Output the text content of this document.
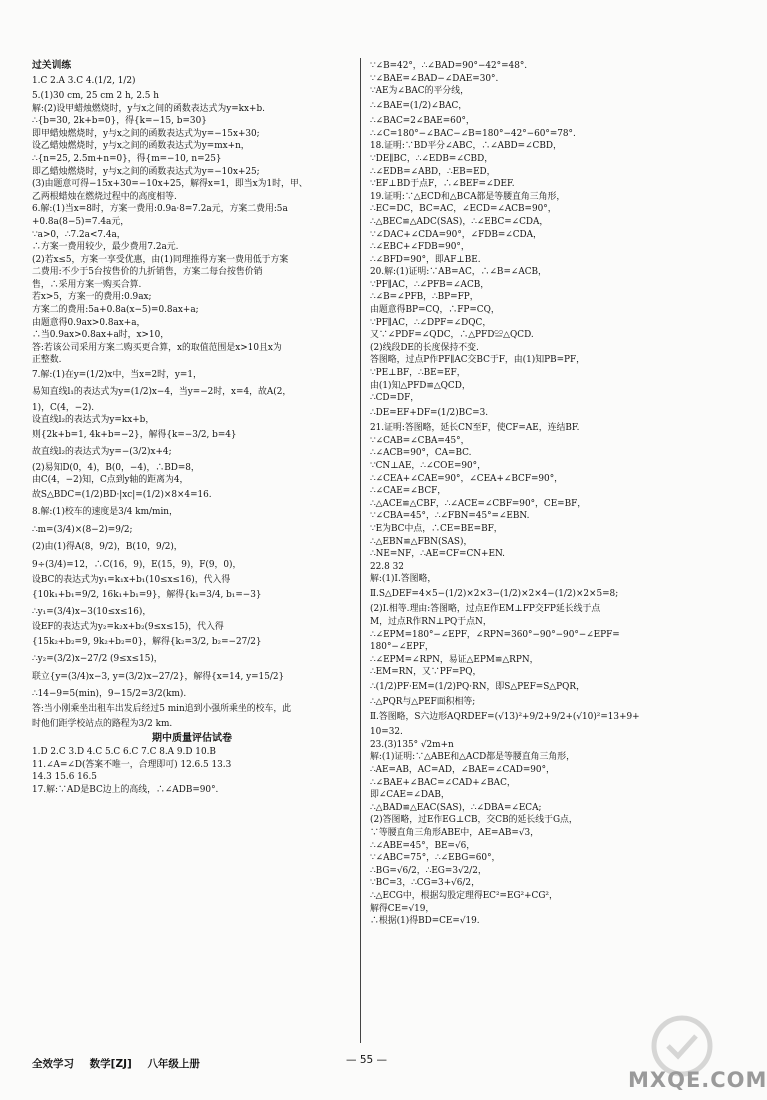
过关训练
1.C 2.A 3.C 4.(1/2, 1/2)
5.(1)30 cm, 25 cm 2 h, 2.5 h
解:(2)设甲蜡烛燃烧时，y与x之间的函数表达式为y=kx+b.
∴{b=30, 2k+b=0}，得{k=−15, b=30}
即甲蜡烛燃烧时，y与x之间的函数表达式为y=−15x+30;
设乙蜡烛燃烧时，y与x之间的函数表达式为y=mx+n，
∴{n=25, 2.5m+n=0}，得{m=−10, n=25}
即乙蜡烛燃烧时，y与x之间的函数表达式为y=−10x+25;
(3)由题意可得−15x+30=−10x+25，解得x=1，即当x为1时，甲、
乙两根蜡烛在燃烧过程中的高度相等.
6.解:(1)当x=8时，方案一费用:0.9a·8=7.2a元，方案二费用:5a
+0.8a(8−5)=7.4a元，
∵a>0，∴7.2a<7.4a，
∴方案一费用较少，最少费用7.2a元.
(2)若x≤5，方案一享受优惠，由(1)同理推得方案一费用低于方案
二费用:不少于5台按售价的九折销售，方案二每台按售价销
售，∴采用方案一购买合算.
若x>5，方案一的费用:0.9ax;
方案二的费用:5a+0.8a(x−5)=0.8ax+a;
由题意得0.9ax>0.8ax+a，
∴当0.9ax>0.8ax+a时，x>10，
答:若该公司采用方案二购买更合算，x的取值范围是x>10且x为
正整数.
7.解:(1)在y=(1/2)x中，当x=2时，y=1，
易知直线l₁的表达式为y=(1/2)x−4，当y=−2时，x=4，故A(2，
1)，C(4，−2).
设直线l₂的表达式为y=kx+b，
则{2k+b=1, 4k+b=−2}，解得{k=−3/2, b=4}
故直线l₂的表达式为y=−(3/2)x+4;
(2)易知D(0，4)，B(0，−4)，∴BD=8，
由C(4，−2)知，C点到y轴的距离为4，
故S△BDC=(1/2)BD·|xc|=(1/2)×8×4=16.
8.解:(1)校车的速度是3/4 km/min，
∴m=(3/4)×(8−2)=9/2;
(2)由(1)得A(8，9/2)，B(10，9/2)，
9÷(3/4)=12，∴C(16，9)，E(15，9)，F(9，0)，
设BC的表达式为y₁=k₁x+b₁(10≤x≤16)，代入得
{10k₁+b₁=9/2, 16k₁+b₁=9}，解得{k₁=3/4, b₁=−3}
∴y₁=(3/4)x−3(10≤x≤16)，
设EF的表达式为y₂=k₂x+b₂(9≤x≤15)，代入得
{15k₂+b₂=9, 9k₂+b₂=0}，解得{k₂=3/2, b₂=−27/2}
∴y₂=(3/2)x−27/2 (9≤x≤15)，
联立{y=(3/4)x−3, y=(3/2)x−27/2}，解得{x=14, y=15/2}
∴14−9=5(min)，9−15/2=3/2(km).
答:当小刚乘坐出租车出发后经过5 min追到小强所乘坐的校车，此
时他们距学校站点的路程为3/2 km.
期中质量评估试卷
1.D 2.C 3.D 4.C 5.C 6.C 7.C 8.A 9.D 10.B
11.∠A=∠D(答案不唯一，合理即可) 12.6.5 13.3
14.3 15.6 16.5
17.解:∵AD是BC边上的高线，∴∠ADB=90°.
∵∠B=42°，∴∠BAD=90°−42°=48°.
∵∠BAE=∠BAD−∠DAE=30°.
∵AE为∠BAC的平分线，
∴∠BAE=(1/2)∠BAC，
∴∠BAC=2∠BAE=60°，
∴∠C=180°−∠BAC−∠B=180°−42°−60°=78°.
18.证明:∵BD平分∠ABC，∴∠ABD=∠CBD，
∵DE∥BC，∴∠EDB=∠CBD，
∴∠EDB=∠ABD，∴EB=ED，
∵EF⊥BD于点F，∴∠BEF=∠DEF.
19.证明:∵△ECD和△BCA都是等腰直角三角形，
∴EC=DC，BC=AC，∠ECD=∠ACB=90°，
∴△BEC≌△ADC(SAS)，∴∠EBC=∠CDA，
∵∠DAC+∠CDA=90°，∠FDB=∠CDA，
∴∠EBC+∠FDB=90°，
∴∠BFD=90°，即AF⊥BE.
20.解:(1)证明:∵AB=AC，∴∠B=∠ACB，
∵PF∥AC，∴∠PFB=∠ACB，
∴∠B=∠PFB，∴BP=FP，
由题意得BP=CQ，∴FP=CQ，
∵PF∥AC，∴∠DPF=∠DQC，
又∵∠PDF=∠QDC，∴△PFD≌△QCD.
(2)线段DE的长度保持不变.
答图略，过点P作PF∥AC交BC于F，由(1)知PB=PF，
∵PE⊥BF，∴BE=EF，
由(1)知△PFD≌△QCD，
∴CD=DF，
∴DE=EF+DF=(1/2)BC=3.
21.证明:答图略，延长CN至F，使CF=AE，连结BF.
∵∠CAB=∠CBA=45°，
∴∠ACB=90°，CA=BC.
∵CN⊥AE，∴∠COE=90°，
∴∠CEA+∠CAE=90°，∠CEA+∠BCF=90°，
∴∠CAE=∠BCF，
∴△ACE≌△CBF，∴∠ACE=∠CBF=90°，CE=BF，
∵∠CBA=45°，∴∠FBN=45°=∠EBN.
∵E为BC中点，∴CE=BE=BF，
∴△EBN≌△FBN(SAS)，
∴NE=NF，∴AE=CF=CN+EN.
22.8 32
解:(1)Ⅰ.答图略，
Ⅱ.S△DEF=4×5−(1/2)×2×3−(1/2)×2×4−(1/2)×2×5=8;
(2)Ⅰ.相等.理由:答图略，过点E作EM⊥FP交FP延长线于点
M，过点R作RN⊥PQ于点N，
∴∠EPM=180°−∠EPF，∠RPN=360°−90°−90°−∠EPF=
180°−∠EPF，
∴∠EPM=∠RPN，易证△EPM≌△RPN，
∴EM=RN，又∵PF=PQ，
∴(1/2)PF·EM=(1/2)PQ·RN，即S△PEF=S△PQR，
∴△PQR与△PEF面积相等;
Ⅱ.答图略，S六边形AQRDEF=(√13)²+9/2+9/2+(√10)²=13+9+
10=32.
23.(3)135° √2m+n
解:(1)证明:∵△ABE和△ACD都是等腰直角三角形，
∴AE=AB，AC=AD，∠BAE=∠CAD=90°，
∴∠BAE+∠BAC=∠CAD+∠BAC，
即∠CAE=∠DAB，
∴△BAD≌△EAC(SAS)，∴∠DBA=∠ECA;
(2)答图略，过E作EG⊥CB，交CB的延长线于G点，
∵等腰直角三角形ABE中，AE=AB=√3，
∴∠ABE=45°，BE=√6，
∵∠ABC=75°，∴∠EBG=60°，
∴BG=√6/2，∴EG=3√2/2，
∵BC=3，∴CG=3+√6/2，
∴△ECG中，根据勾股定理得EC²=EG²+CG²，
解得CE=√19，
∴根据(1)得BD=CE=√19.
全效学习 数学[ZJ] 八年级上册	— 55 —
MXQE.COM
